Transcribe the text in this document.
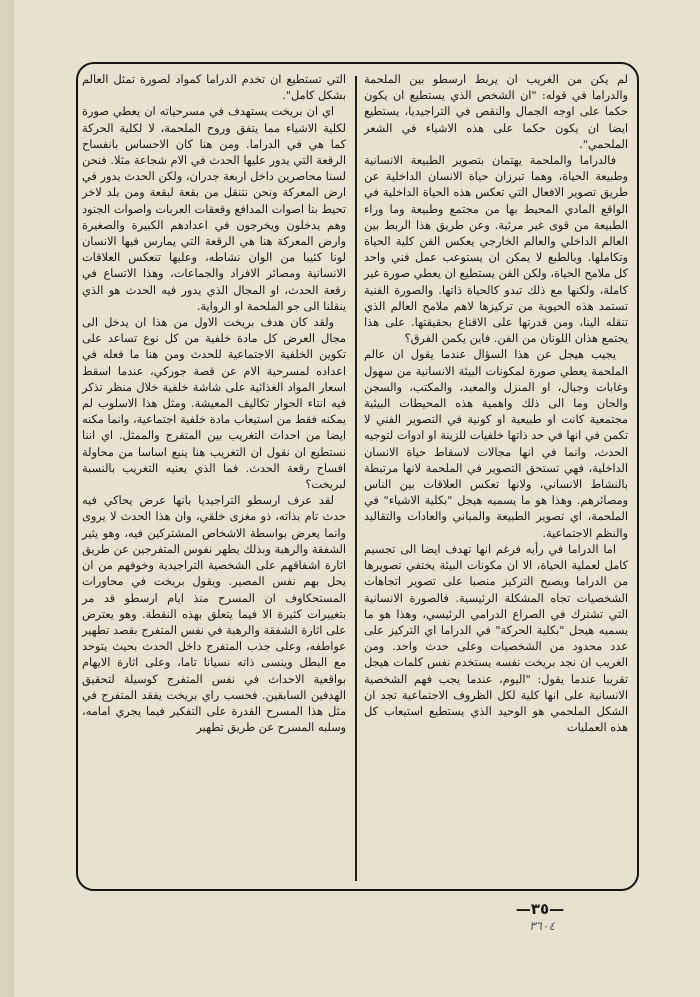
لم يكن من الغريب ان يربط ارسطو بين الملحمة والدراما في قوله: "ان الشخص الذي يستطيع ان يكون حكما على اوجه الجمال والنقص في التراجيديا، يستطيع ايضا ان يكون حكما على هذه الاشياء في الشعر الملحمي".

فالدراما والملحمة يهتمان بتصوير الطبيعة الانسانية وطبيعة الحياة، وهما تبرزان حياة الانسان الداخلية عن طريق تصوير الافعال التي تعكس هذه الحياة الداخلية في الواقع المادي المحيط بها من مجتمع وطبيعة وما وراء الطبيعة من قوى غير مرئية. وعن طريق هذا الربط بين العالم الداخلي والعالم الخارجي يعكس الفن كلية الحياة وتكاملها. وبالطبع لا يمكن ان يستوعب عمل فني واحد كل ملامح الحياة، ولكن الفن يستطيع ان يعطي صورة غير كاملة، ولكنها مع ذلك تبدو كالحياة ذاتها. والصورة الفنية تستمد هذه الحيوية من تركيزها لاهم ملامح العالم الذي تنقله الينا، ومن قدرتها على الاقناع بحقيقتها. على هذا يجتمع هذان اللونان من الفن. فاين يكمن الفرق؟

يجيب هيجل عن هذا السؤال عندما يقول ان عالم الملحمة يعطي صورة لمكونات البيئة الانسانية من سهول وغابات وجبال، او المنزل والمعبد، والمكتب، والسجن والحان وما الى ذلك واهمية هذه المحيطات البيئية مجتمعية كانت او طبيعية او كونية في التصوير الفني لا تكمن في انها في حد ذاتها خلفيات للزينة او ادوات لتوجيه الحدث، وانما في انها مجالات لاسقاط حياة الانسان الداخلية، فهي تستحق التصوير في الملحمة لانها مرتبطة بالنشاط الانساني، ولانها تعكس العلاقات بين الناس ومصائرهم. وهذا هو ما يسميه هيجل "بكلية الاشياء" في الملحمة، اي تصوير الطبيعة والمباني والعادات والتقاليد والنظم الاجتماعية.

اما الدراما في رأيه فرغم انها تهدف ايضا الى تجسيم كامل لعملية الحياة، الا ان مكونات البيئة يختفي تصويرها من الدراما ويصبح التركيز منصبا على تصوير اتجاهات الشخصيات تجاه المشكلة الرئيسية. فالصورة الانسانية التي تشترك في الصراع الدرامي الرئيسي، وهذا هو ما يسميه هيجل "بكلية الحركة" في الدراما اي التركيز على عدد محدود من الشخصيات وعلى حدث واحد. ومن الغريب ان نجد بريخت نفسه يستخدم نفس كلمات هيجل تقريبا عندما يقول: "اليوم، عندما يجب فهم الشخصية الانسانية على انها كلية لكل الظروف الاجتماعية تجد ان الشكل الملحمي هو الوحيد الذي يستطيع استيعاب كل هذه العمليات

التي تستطيع ان تخدم الدراما كمواد لصورة تمثل العالم بشكل كامل".

اي ان بريخت يستهدف في مسرحياته ان يعطي صورة لكلية الاشياء مما يتفق وروح الملحمة، لا لكلية الحركة كما هي في الدراما. ومن هنا كان الاحساس بانفساح الرقعة التي يدور عليها الحدث في الام شجاعة مثلا. فنحن لسنا محاصرين داخل اربعة جدران، ولكن الحدث يدور في ارض المعركة ونحن نتنقل من بقعة لبقعة ومن بلد لاخر تحيط بنا اصوات المدافع وقعقات العربات واصوات الجنود وهم يدخلون ويخرجون في اعدادهم الكبيرة والصغيرة وارض المعركة هنا هي الرقعة التي يمارس فيها الانسان لونا كئيبا من الوان نشاطه، وعليها تنعكس العلاقات الانسانية ومصائر الافراد والجماعات، وهذا الاتساع في رقعة الحدث، او المجال الذي يدور فيه الحدث هو الذي ينقلنا الى جو الملحمة او الرواية.

ولقد كان هدف بريخت الاول من هذا ان يدخل الى مجال العرض كل مادة خلفية من كل نوع تساعد على تكوين الخلفية الاجتماعية للحدث ومن هنا ما فعله في اعداده لمسرحية الام عن قصة جوركي، عندما اسقط اسعار المواد الغذائية على شاشة خلفية خلال منظر تذكر فيه انتاء الحوار تكاليف المعيشة. ومثل هذا الاسلوب لم يمكنه فقط من استيعاب مادة خلفية اجتماعية، وانما مكنه ايضا من احداث التغريب بين المتفرج والممثل. اي اننا نستطيع ان نقول ان التغريب هنا ينبع اساسا من محاولة افساح رقعة الحدث. فما الذي يعنيه التغريب بالنسبة لبريخت؟

لقد عرف ارسطو التراجيديا بانها عرض يحاكي فيه حدث تام بذاته، ذو مغزى خلقي، وان هذا الحدث لا يروى وانما يعرض بواسطة الاشخاص المشتركين فيه، وهو يثير الشفقة والرهبة وبذلك يطهر نفوس المتفرجين عن طريق اثارة اشفاقهم على الشخصية التراجيدية وخوفهم من ان يحل بهم نفس المصير. ويقول بريخت في محاورات المستحكاوف ان المسرح منذ ايام ارسطو قد مر بتغييرات كثيرة الا فيما يتعلق بهذه النقطة. وهو يعترض على اثارة الشفقة والرهبة في نفس المتفرج بقصد تطهير عواطفه، وعلى جذب المتفرج داخل الحدث بحيث يتوحد مع البطل وينسى ذاته نسيانا تاما، وعلى اثارة الايهام بواقعية الاحداث في نفس المتفرج كوسيلة لتحقيق الهدفين السابقين. فحسب راي بريخت يفقد المتفرج في مثل هذا المسرح القدرة على التفكير فيما يجري امامه، وسلبه المسرح عن طريق تطهير

—٣٥—
٣٦٠٤
